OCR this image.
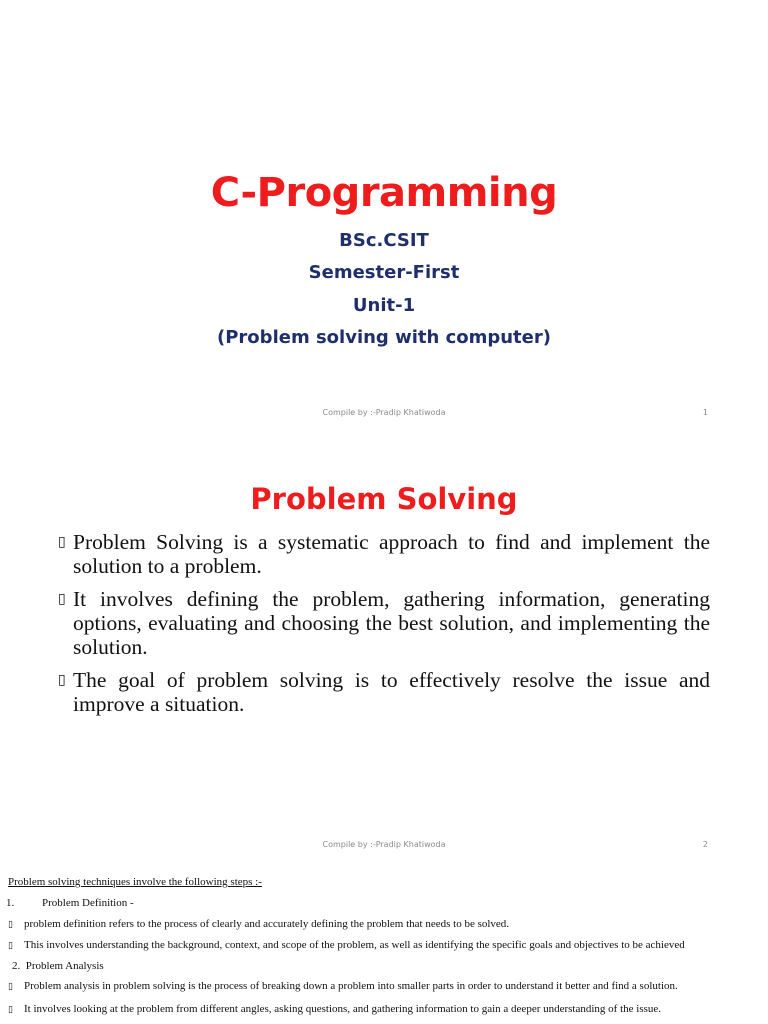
C-Programming
BSc.CSIT
Semester-First
Unit-1
(Problem solving with computer)
Compile by :-Pradip Khatiwoda	1
Problem Solving
▯ Problem Solving is a systematic approach to find and implement the solution to a problem.
▯ It involves defining the problem, gathering information, generating options, evaluating and choosing the best solution, and implementing the solution.
▯ The goal of problem solving is to effectively resolve the issue and improve a situation.
Compile by :-Pradip Khatiwoda	2
Problem solving techniques involve the following steps :-
1.	Problem Definition -
▯ problem definition refers to the process of clearly and accurately defining the problem that needs to be solved.
▯ This involves understanding the background, context, and scope of the problem, as well as identifying the specific goals and objectives to be achieved
2. Problem Analysis
▯ Problem analysis in problem solving is the process of breaking down a problem into smaller parts in order to understand it better and find a solution.
▯ It involves looking at the problem from different angles, asking questions, and gathering information to gain a deeper understanding of the issue.
